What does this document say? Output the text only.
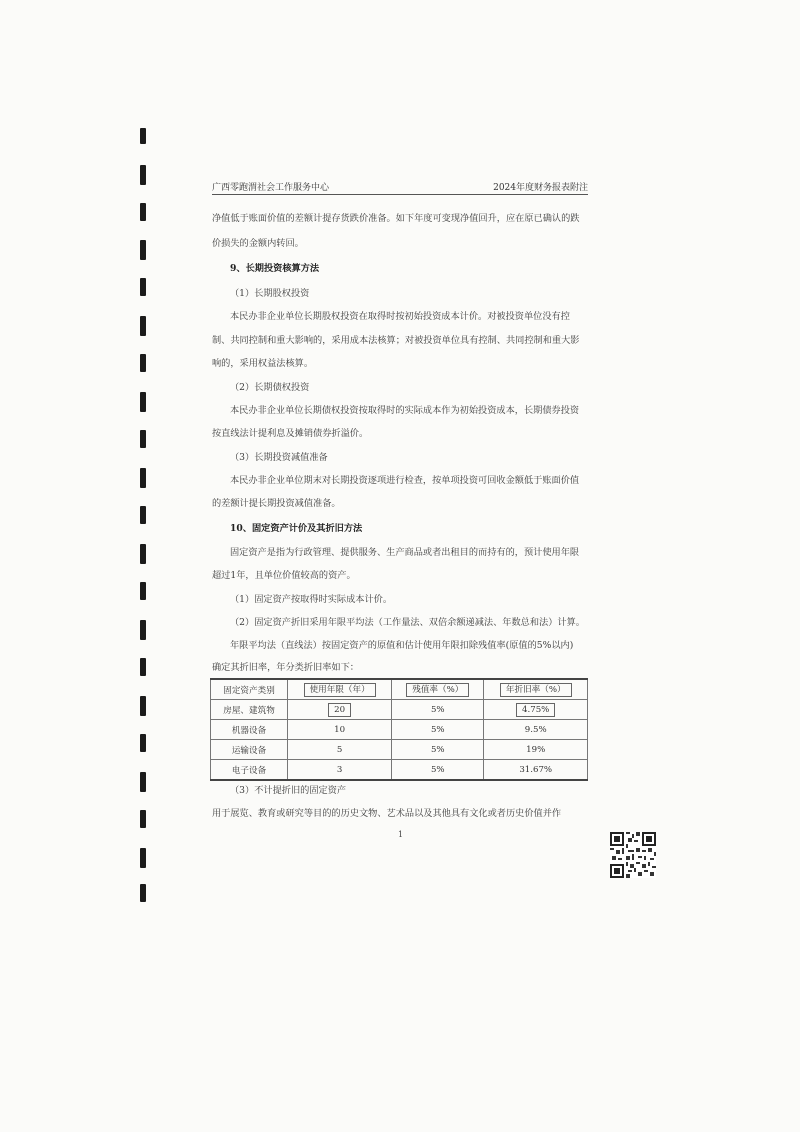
广西零跑渭社会工作服务中心	2024年度财务报表附注
净值低于账面价值的差额计提存货跌价准备。如下年度可变现净值回升，应在原已确认的跌
价损失的金额内转回。
9、长期投资核算方法
（1）长期股权投资
本民办非企业单位长期股权投资在取得时按初始投资成本计价。对被投资单位没有控
制、共同控制和重大影响的，采用成本法核算；对被投资单位具有控制、共同控制和重大影
响的，采用权益法核算。
（2）长期债权投资
本民办非企业单位长期债权投资按取得时的实际成本作为初始投资成本，长期债券投资
按直线法计提利息及摊销债券折溢价。
（3）长期投资减值准备
本民办非企业单位期末对长期投资逐项进行检查，按单项投资可回收金额低于账面价值
的差额计提长期投资减值准备。
10、固定资产计价及其折旧方法
固定资产是指为行政管理、提供服务、生产商品或者出租目的而持有的，预计使用年限
超过1年，且单位价值较高的资产。
（1）固定资产按取得时实际成本计价。
（2）固定资产折旧采用年限平均法（工作量法、双倍余额递减法、年数总和法）计算。
年限平均法（直线法）按固定资产的原值和估计使用年限扣除残值率(原值的5%以内)
确定其折旧率，年分类折旧率如下：
固定资产类别	使用年限（年）	残值率（%）	年折旧率（%）
房屋、建筑物	20	5%	4.75%
机器设备	10	5%	9.5%
运输设备	5	5%	19%
电子设备	3	5%	31.67%
（3）不计提折旧的固定资产
用于展览、教育或研究等目的的历史文物、艺术品以及其他具有文化或者历史价值并作
1
